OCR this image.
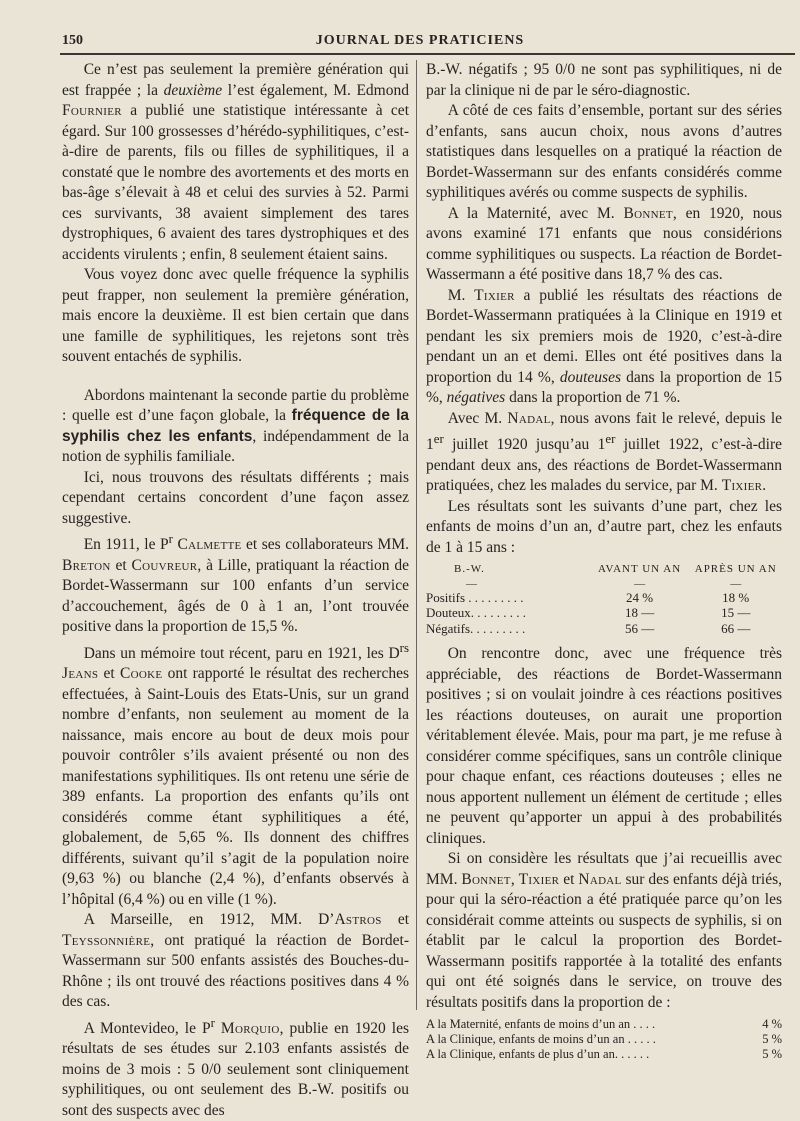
150	JOURNAL DES PRATICIENS

Ce n’est pas seulement la première génération qui est frappée ; la deuxième l’est également, M. Edmond Fournier a publié une statistique intéressante à cet égard. Sur 100 grossesses d’hérédo-syphilitiques, c’est-à-dire de parents, fils ou filles de syphilitiques, il a constaté que le nombre des avortements et des morts en bas-âge s’élevait à 48 et celui des survies à 52. Parmi ces survivants, 38 avaient simplement des tares dystrophiques, 6 avaient des tares dystrophiques et des accidents virulents ; enfin, 8 seulement étaient sains.

Vous voyez donc avec quelle fréquence la syphilis peut frapper, non seulement la première génération, mais encore la deuxième. Il est bien certain que dans une famille de syphilitiques, les rejetons sont très souvent entachés de syphilis.

Abordons maintenant la seconde partie du problème : quelle est d’une façon globale, la fréquence de la syphilis chez les enfants, indépendamment de la notion de syphilis familiale.

Ici, nous trouvons des résultats différents ; mais cependant certains concordent d’une façon assez suggestive.

En 1911, le $P^r$ Calmette et ses collaborateurs MM. Breton et Couvreur, à Lille, pratiquant la réaction de Bordet-Wassermann sur 100 enfants d’un service d’accouchement, âgés de 0 à 1 an, l’ont trouvée positive dans la proportion de 15,5 %.

Dans un mémoire tout récent, paru en 1921, les $D^{rs}$ Jeans et Cooke ont rapporté le résultat des recherches effectuées, à Saint-Louis des Etats-Unis, sur un grand nombre d’enfants, non seulement au moment de la naissance, mais encore au bout de deux mois pour pouvoir contrôler s’ils avaient présenté ou non des manifestations syphilitiques. Ils ont retenu une série de 389 enfants. La proportion des enfants qu’ils ont considérés comme étant syphilitiques a été, globalement, de 5,65 %. Ils donnent des chiffres différents, suivant qu’il s’agit de la population noire (9,63 %) ou blanche (2,4 %), d’enfants observés à l’hôpital (6,4 %) ou en ville (1 %).

A Marseille, en 1912, MM. D’Astros et Teyssonnière, ont pratiqué la réaction de Bordet-Wassermann sur 500 enfants assistés des Bouches-du-Rhône ; ils ont trouvé des réactions positives dans 4 % des cas.

A Montevideo, le $P^r$ Morquio, publie en 1920 les résultats de ses études sur 2.103 enfants assistés de moins de 3 mois : 5 0/0 seulement sont cliniquement syphilitiques, ou ont seulement des B.-W. positifs ou sont des suspects avec des

B.-W. négatifs ; 95 0/0 ne sont pas syphilitiques, ni de par la clinique ni de par le séro-diagnostic.

A côté de ces faits d’ensemble, portant sur des séries d’enfants, sans aucun choix, nous avons d’autres statistiques dans lesquelles on a pratiqué la réaction de Bordet-Wassermann sur des enfants considérés comme syphilitiques avérés ou comme suspects de syphilis.

A la Maternité, avec M. Bonnet, en 1920, nous avons examiné 171 enfants que nous considérions comme syphilitiques ou suspects. La réaction de Bordet-Wassermann a été positive dans 18,7 % des cas.

M. Tixier a publié les résultats des réactions de Bordet-Wassermann pratiquées à la Clinique en 1919 et pendant les six premiers mois de 1920, c’est-à-dire pendant un an et demi. Elles ont été positives dans la proportion du 14 %, douteuses dans la proportion de 15 %, négatives dans la proportion de 71 %.

Avec M. Nadal, nous avons fait le relevé, depuis le 1er juillet 1920 jusqu’au 1er juillet 1922, c’est-à-dire pendant deux ans, des réactions de Bordet-Wassermann pratiquées, chez les malades du service, par M. Tixier.

Les résultats sont les suivants d’une part, chez les enfants de moins d’un an, d’autre part, chez les enfauts de 1 à 15 ans :

B.-W.	AVANT UN AN	APRÈS UN AN
—	—	—
Positifs . . . . . . . . .	24 %	18 %
Douteux. . . . . . . . .	18 —	15 —
Négatifs. . . . . . . . .	56 —	66 —

On rencontre donc, avec une fréquence très appréciable, des réactions de Bordet-Wassermann positives ; si on voulait joindre à ces réactions positives les réactions douteuses, on aurait une proportion véritablement élevée. Mais, pour ma part, je me refuse à considérer comme spécifiques, sans un contrôle clinique pour chaque enfant, ces réactions douteuses ; elles ne nous apportent nullement un élément de certitude ; elles ne peuvent qu’apporter un appui à des probabilités cliniques.

Si on considère les résultats que j’ai recueillis avec MM. Bonnet, Tixier et Nadal sur des enfants déjà triés, pour qui la séro-réaction a été pratiquée parce qu’on les considérait comme atteints ou suspects de syphilis, si on établit par le calcul la proportion des Bordet-Wassermann positifs rapportée à la totalité des enfants qui ont été soignés dans le service, on trouve des résultats positifs dans la proportion de :

A la Maternité, enfants de moins d’un an . . . .	4 %
A la Clinique, enfants de moins d’un an . . . . .	5 %
A la Clinique, enfants de plus d’un an. . . . . .	5 %
